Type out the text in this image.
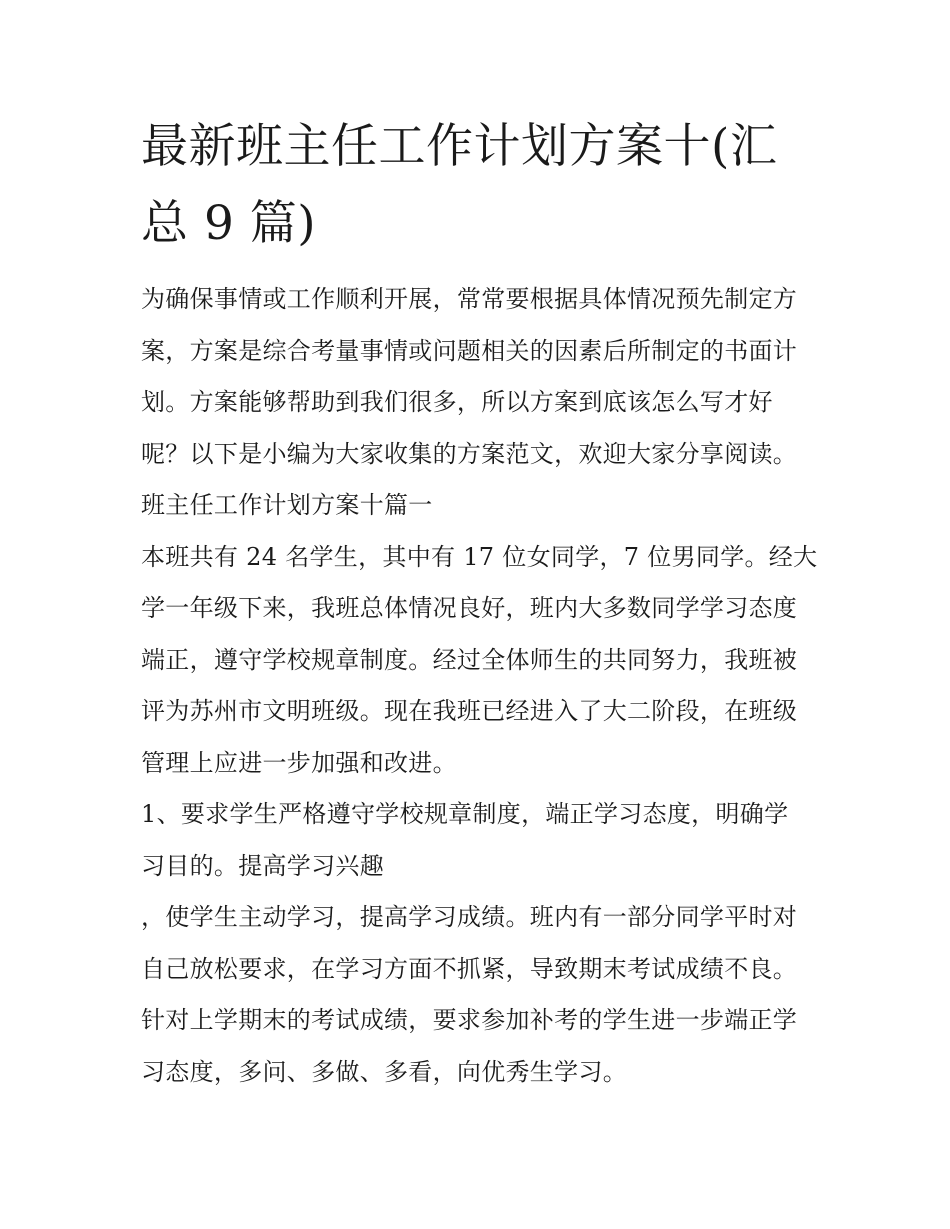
最新班主任工作计划方案十(汇
总 9 篇)

为确保事情或工作顺利开展，常常要根据具体情况预先制定方
案，方案是综合考量事情或问题相关的因素后所制定的书面计
划。方案能够帮助到我们很多，所以方案到底该怎么写才好
呢？以下是小编为大家收集的方案范文，欢迎大家分享阅读。

班主任工作计划方案十篇一

本班共有 24 名学生，其中有 17 位女同学，7 位男同学。经大
学一年级下来，我班总体情况良好，班内大多数同学学习态度
端正，遵守学校规章制度。经过全体师生的共同努力，我班被
评为苏州市文明班级。现在我班已经进入了大二阶段，在班级
管理上应进一步加强和改进。

1、要求学生严格遵守学校规章制度，端正学习态度，明确学
习目的。提高学习兴趣

，使学生主动学习，提高学习成绩。班内有一部分同学平时对
自己放松要求，在学习方面不抓紧，导致期末考试成绩不良。
针对上学期末的考试成绩，要求参加补考的学生进一步端正学
习态度，多问、多做、多看，向优秀生学习。
